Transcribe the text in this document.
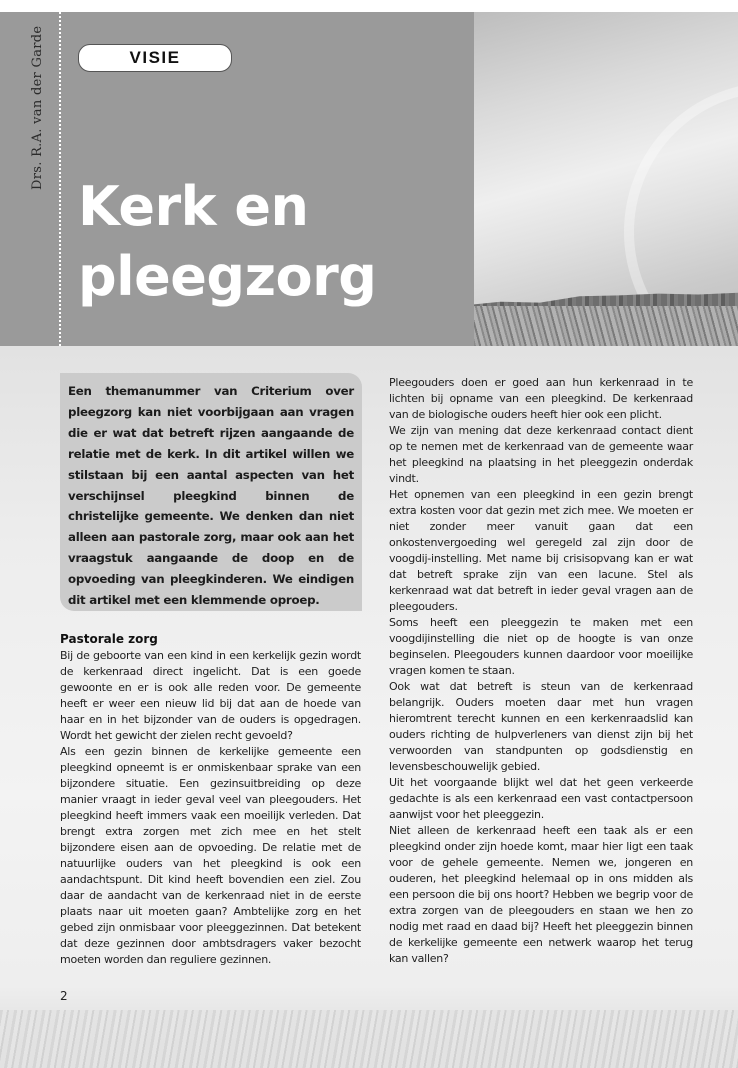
Drs. R.A. van der Garde	VISIE
Kerk en
pleegzorg

Een themanummer van Criterium over pleegzorg kan niet voorbijgaan aan vragen die er wat dat betreft rijzen aangaande de relatie met de kerk. In dit artikel willen we stilstaan bij een aantal aspecten van het verschijnsel pleegkind binnen de christelijke gemeente. We denken dan niet alleen aan pastorale zorg, maar ook aan het vraagstuk aangaande de doop en de opvoeding van pleegkinderen. We eindigen dit artikel met een klemmende oproep.

Pastorale zorg

Bij de geboorte van een kind in een kerkelijk gezin wordt de kerkenraad direct ingelicht. Dat is een goede gewoonte en er is ook alle reden voor. De gemeente heeft er weer een nieuw lid bij dat aan de hoede van haar en in het bijzonder van de ouders is opgedragen. Wordt het gewicht der zielen recht gevoeld?

Als een gezin binnen de kerkelijke gemeente een pleegkind opneemt is er onmiskenbaar sprake van een bijzondere situatie. Een gezinsuitbreiding op deze manier vraagt in ieder geval veel van pleegouders. Het pleegkind heeft immers vaak een moeilijk verleden. Dat brengt extra zorgen met zich mee en het stelt bijzondere eisen aan de opvoeding. De relatie met de natuurlijke ouders van het pleegkind is ook een aandachtspunt. Dit kind heeft bovendien een ziel. Zou daar de aandacht van de kerkenraad niet in de eerste plaats naar uit moeten gaan? Ambtelijke zorg en het gebed zijn onmisbaar voor pleeggezinnen. Dat betekent dat deze gezinnen door ambtsdragers vaker bezocht moeten worden dan reguliere gezinnen.

Pleegouders doen er goed aan hun kerkenraad in te lichten bij opname van een pleegkind. De kerkenraad van de biologische ouders heeft hier ook een plicht.

We zijn van mening dat deze kerkenraad contact dient op te nemen met de kerkenraad van de gemeente waar het pleegkind na plaatsing in het pleeggezin onderdak vindt.

Het opnemen van een pleegkind in een gezin brengt extra kosten voor dat gezin met zich mee. We moeten er niet zonder meer vanuit gaan dat een onkostenvergoeding wel geregeld zal zijn door de voogdij-instelling. Met name bij crisisopvang kan er wat dat betreft sprake zijn van een lacune. Stel als kerkenraad wat dat betreft in ieder geval vragen aan de pleegouders.

Soms heeft een pleeggezin te maken met een voogdijinstelling die niet op de hoogte is van onze beginselen. Pleegouders kunnen daardoor voor moeilijke vragen komen te staan.

Ook wat dat betreft is steun van de kerkenraad belangrijk. Ouders moeten daar met hun vragen hieromtrent terecht kunnen en een kerkenraadslid kan ouders richting de hulpverleners van dienst zijn bij het verwoorden van standpunten op godsdienstig en levensbeschouwelijk gebied.

Uit het voorgaande blijkt wel dat het geen verkeerde gedachte is als een kerkenraad een vast contactpersoon aanwijst voor het pleeggezin.

Niet alleen de kerkenraad heeft een taak als er een pleegkind onder zijn hoede komt, maar hier ligt een taak voor de gehele gemeente. Nemen we, jongeren en ouderen, het pleegkind helemaal op in ons midden als een persoon die bij ons hoort? Hebben we begrip voor de extra zorgen van de pleegouders en staan we hen zo nodig met raad en daad bij? Heeft het pleeggezin binnen de kerkelijke gemeente een netwerk waarop het terug kan vallen?

2
